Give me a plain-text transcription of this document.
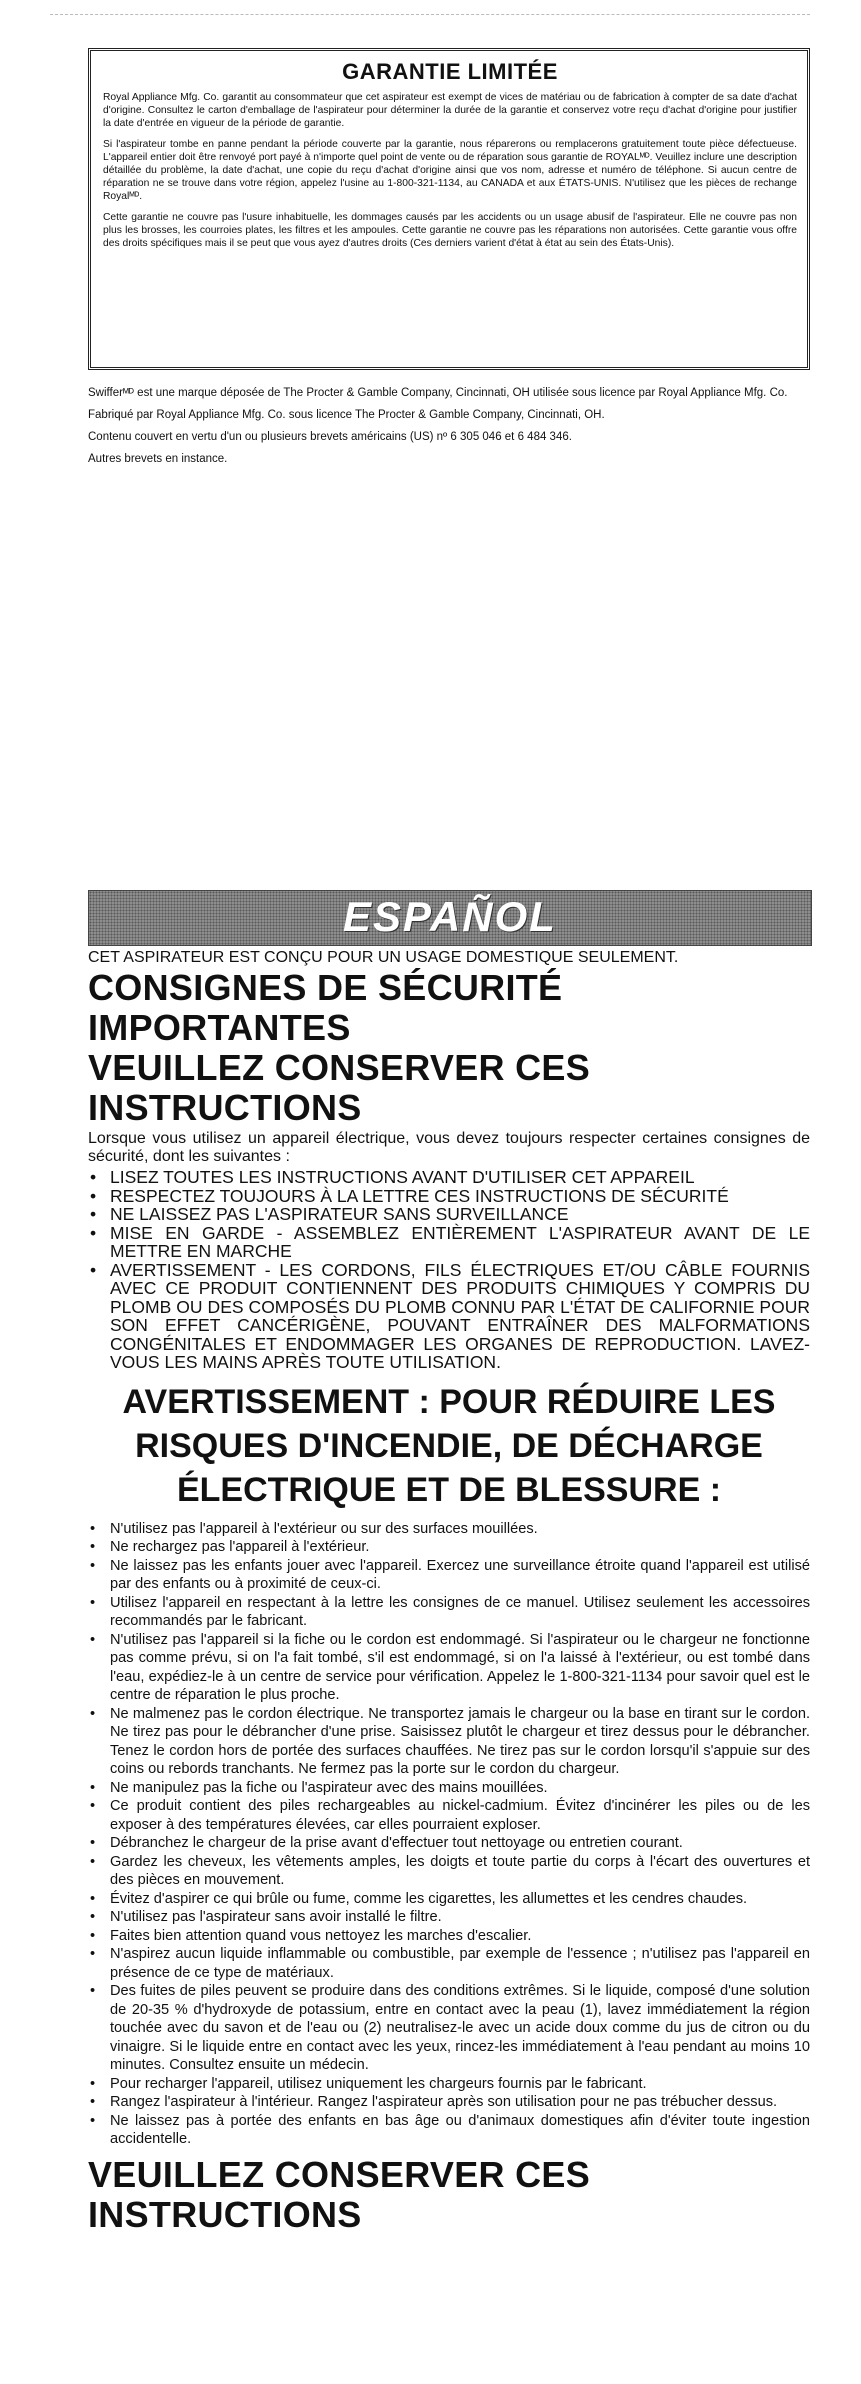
GARANTIE LIMITÉE

Royal Appliance Mfg. Co. garantit au consommateur que cet aspirateur est exempt de vices de matériau ou de fabrication à compter de sa date d'achat d'origine. Consultez le carton d'emballage de l'aspirateur pour déterminer la durée de la garantie et conservez votre reçu d'achat d'origine pour justifier la date d'entrée en vigueur de la période de garantie.

Si l'aspirateur tombe en panne pendant la période couverte par la garantie, nous réparerons ou remplacerons gratuitement toute pièce défectueuse. L'appareil entier doit être renvoyé port payé à n'importe quel point de vente ou de réparation sous garantie de ROYALᴹᴰ. Veuillez inclure une description détaillée du problème, la date d'achat, une copie du reçu d'achat d'origine ainsi que vos nom, adresse et numéro de téléphone. Si aucun centre de réparation ne se trouve dans votre région, appelez l'usine au 1-800-321-1134, au CANADA et aux ÉTATS-UNIS. N'utilisez que les pièces de rechange Royalᴹᴰ.

Cette garantie ne couvre pas l'usure inhabituelle, les dommages causés par les accidents ou un usage abusif de l'aspirateur. Elle ne couvre pas non plus les brosses, les courroies plates, les filtres et les ampoules. Cette garantie ne couvre pas les réparations non autorisées. Cette garantie vous offre des droits spécifiques mais il se peut que vous ayez d'autres droits (Ces derniers varient d'état à état au sein des États-Unis).

Swifferᴹᴰ est une marque déposée de The Procter & Gamble Company, Cincinnati, OH utilisée sous licence par Royal Appliance Mfg. Co.

Fabriqué par Royal Appliance Mfg. Co. sous licence The Procter & Gamble Company, Cincinnati, OH.

Contenu couvert en vertu d'un ou plusieurs brevets américains (US) nº 6 305 046 et 6 484 346.

Autres brevets en instance.

ESPAÑOL

CET ASPIRATEUR EST CONÇU POUR UN USAGE DOMESTIQUE SEULEMENT.

CONSIGNES DE SÉCURITÉ IMPORTANTES
VEUILLEZ CONSERVER CES INSTRUCTIONS

Lorsque vous utilisez un appareil électrique, vous devez toujours respecter certaines consignes de sécurité, dont les suivantes :

• LISEZ TOUTES LES INSTRUCTIONS AVANT D'UTILISER CET APPAREIL
• RESPECTEZ TOUJOURS À LA LETTRE CES INSTRUCTIONS DE SÉCURITÉ
• NE LAISSEZ PAS L'ASPIRATEUR SANS SURVEILLANCE
• MISE EN GARDE - ASSEMBLEZ ENTIÈREMENT L'ASPIRATEUR AVANT DE LE METTRE EN MARCHE
• AVERTISSEMENT - LES CORDONS, FILS ÉLECTRIQUES ET/OU CÂBLE FOURNIS AVEC CE PRODUIT CONTIENNENT DES PRODUITS CHIMIQUES Y COMPRIS DU PLOMB OU DES COMPOSÉS DU PLOMB CONNU PAR L'ÉTAT DE CALIFORNIE POUR SON EFFET CANCÉRIGÈNE, POUVANT ENTRAÎNER DES MALFORMATIONS CONGÉNITALES ET ENDOMMAGER LES ORGANES DE REPRODUCTION. LAVEZ-VOUS LES MAINS APRÈS TOUTE UTILISATION.
AVERTISSEMENT : POUR RÉDUIRE LES
RISQUES D'INCENDIE, DE DÉCHARGE
ÉLECTRIQUE ET DE BLESSURE :
• N'utilisez pas l'appareil à l'extérieur ou sur des surfaces mouillées.
• Ne rechargez pas l'appareil à l'extérieur.
• Ne laissez pas les enfants jouer avec l'appareil. Exercez une surveillance étroite quand l'appareil est utilisé par des enfants ou à proximité de ceux-ci.
• Utilisez l'appareil en respectant à la lettre les consignes de ce manuel. Utilisez seulement les accessoires recommandés par le fabricant.
• N'utilisez pas l'appareil si la fiche ou le cordon est endommagé. Si l'aspirateur ou le chargeur ne fonctionne pas comme prévu, si on l'a fait tombé, s'il est endommagé, si on l'a laissé à l'extérieur, ou est tombé dans l'eau, expédiez-le à un centre de service pour vérification. Appelez le 1-800-321-1134 pour savoir quel est le centre de réparation le plus proche.
• Ne malmenez pas le cordon électrique. Ne transportez jamais le chargeur ou la base en tirant sur le cordon. Ne tirez pas pour le débrancher d'une prise. Saisissez plutôt le chargeur et tirez dessus pour le débrancher. Tenez le cordon hors de portée des surfaces chauffées. Ne tirez pas sur le cordon lorsqu'il s'appuie sur des coins ou rebords tranchants. Ne fermez pas la porte sur le cordon du chargeur.
• Ne manipulez pas la fiche ou l'aspirateur avec des mains mouillées.
• Ce produit contient des piles rechargeables au nickel-cadmium. Évitez d'incinérer les piles ou de les exposer à des températures élevées, car elles pourraient exploser.
• Débranchez le chargeur de la prise avant d'effectuer tout nettoyage ou entretien courant.
• Gardez les cheveux, les vêtements amples, les doigts et toute partie du corps à l'écart des ouvertures et des pièces en mouvement.
• Évitez d'aspirer ce qui brûle ou fume, comme les cigarettes, les allumettes et les cendres chaudes.
• N'utilisez pas l'aspirateur sans avoir installé le filtre.
• Faites bien attention quand vous nettoyez les marches d'escalier.
• N'aspirez aucun liquide inflammable ou combustible, par exemple de l'essence ; n'utilisez pas l'appareil en présence de ce type de matériaux.
• Des fuites de piles peuvent se produire dans des conditions extrêmes. Si le liquide, composé d'une solution de 20-35 % d'hydroxyde de potassium, entre en contact avec la peau (1), lavez immédiatement la région touchée avec du savon et de l'eau ou (2) neutralisez-le avec un acide doux comme du jus de citron ou du vinaigre. Si le liquide entre en contact avec les yeux, rincez-les immédiatement à l'eau pendant au moins 10 minutes. Consultez ensuite un médecin.
• Pour recharger l'appareil, utilisez uniquement les chargeurs fournis par le fabricant.
• Rangez l'aspirateur à l'intérieur. Rangez l'aspirateur après son utilisation pour ne pas trébucher dessus.
• Ne laissez pas à portée des enfants en bas âge ou d'animaux domestiques afin d'éviter toute ingestion accidentelle.
VEUILLEZ CONSERVER CES INSTRUCTIONS
